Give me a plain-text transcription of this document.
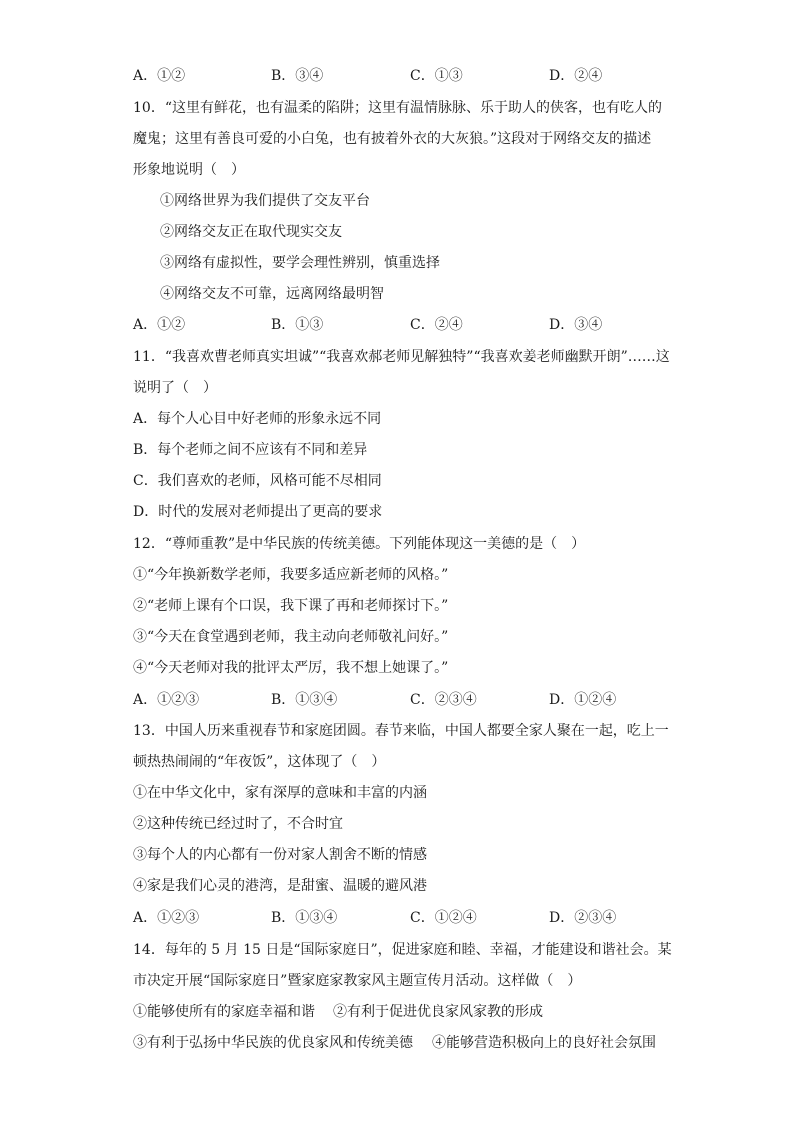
A．①②	B．③④	C．①③	D．②④
10．“这里有鲜花，也有温柔的陷阱；这里有温情脉脉、乐于助人的侠客，也有吃人的
魔鬼；这里有善良可爱的小白兔，也有披着外衣的大灰狼。”这段对于网络交友的描述
形象地说明（　）
①网络世界为我们提供了交友平台
②网络交友正在取代现实交友
③网络有虚拟性，要学会理性辨别，慎重选择
④网络交友不可靠，远离网络最明智
A．①②	B．①③	C．②④	D．③④
11．“我喜欢曹老师真实坦诚”“我喜欢郝老师见解独特”“我喜欢姜老师幽默开朗”……这
说明了（　）
A．每个人心目中好老师的形象永远不同
B．每个老师之间不应该有不同和差异
C．我们喜欢的老师，风格可能不尽相同
D．时代的发展对老师提出了更高的要求
12．“尊师重教”是中华民族的传统美德。下列能体现这一美德的是（　）
①“今年换新数学老师，我要多适应新老师的风格。”
②“老师上课有个口误，我下课了再和老师探讨下。”
③“今天在食堂遇到老师，我主动向老师敬礼问好。”
④“今天老师对我的批评太严厉，我不想上她课了。”
A．①②③	B．①③④	C．②③④	D．①②④
13．中国人历来重视春节和家庭团圆。春节来临，中国人都要全家人聚在一起，吃上一
顿热热闹闹的“年夜饭”，这体现了（　）
①在中华文化中，家有深厚的意味和丰富的内涵
②这种传统已经过时了，不合时宜
③每个人的内心都有一份对家人割舍不断的情感
④家是我们心灵的港湾，是甜蜜、温暖的避风港
A．①②③	B．①③④	C．①②④	D．②③④
14．每年的 5 月 15 日是“国际家庭日”，促进家庭和睦、幸福，才能建设和谐社会。某
市决定开展“国际家庭日”暨家庭家教家风主题宣传月活动。这样做（　）
①能够使所有的家庭幸福和谐 ②有利于促进优良家风家教的形成
③有利于弘扬中华民族的优良家风和传统美德 ④能够营造积极向上的良好社会氛围
